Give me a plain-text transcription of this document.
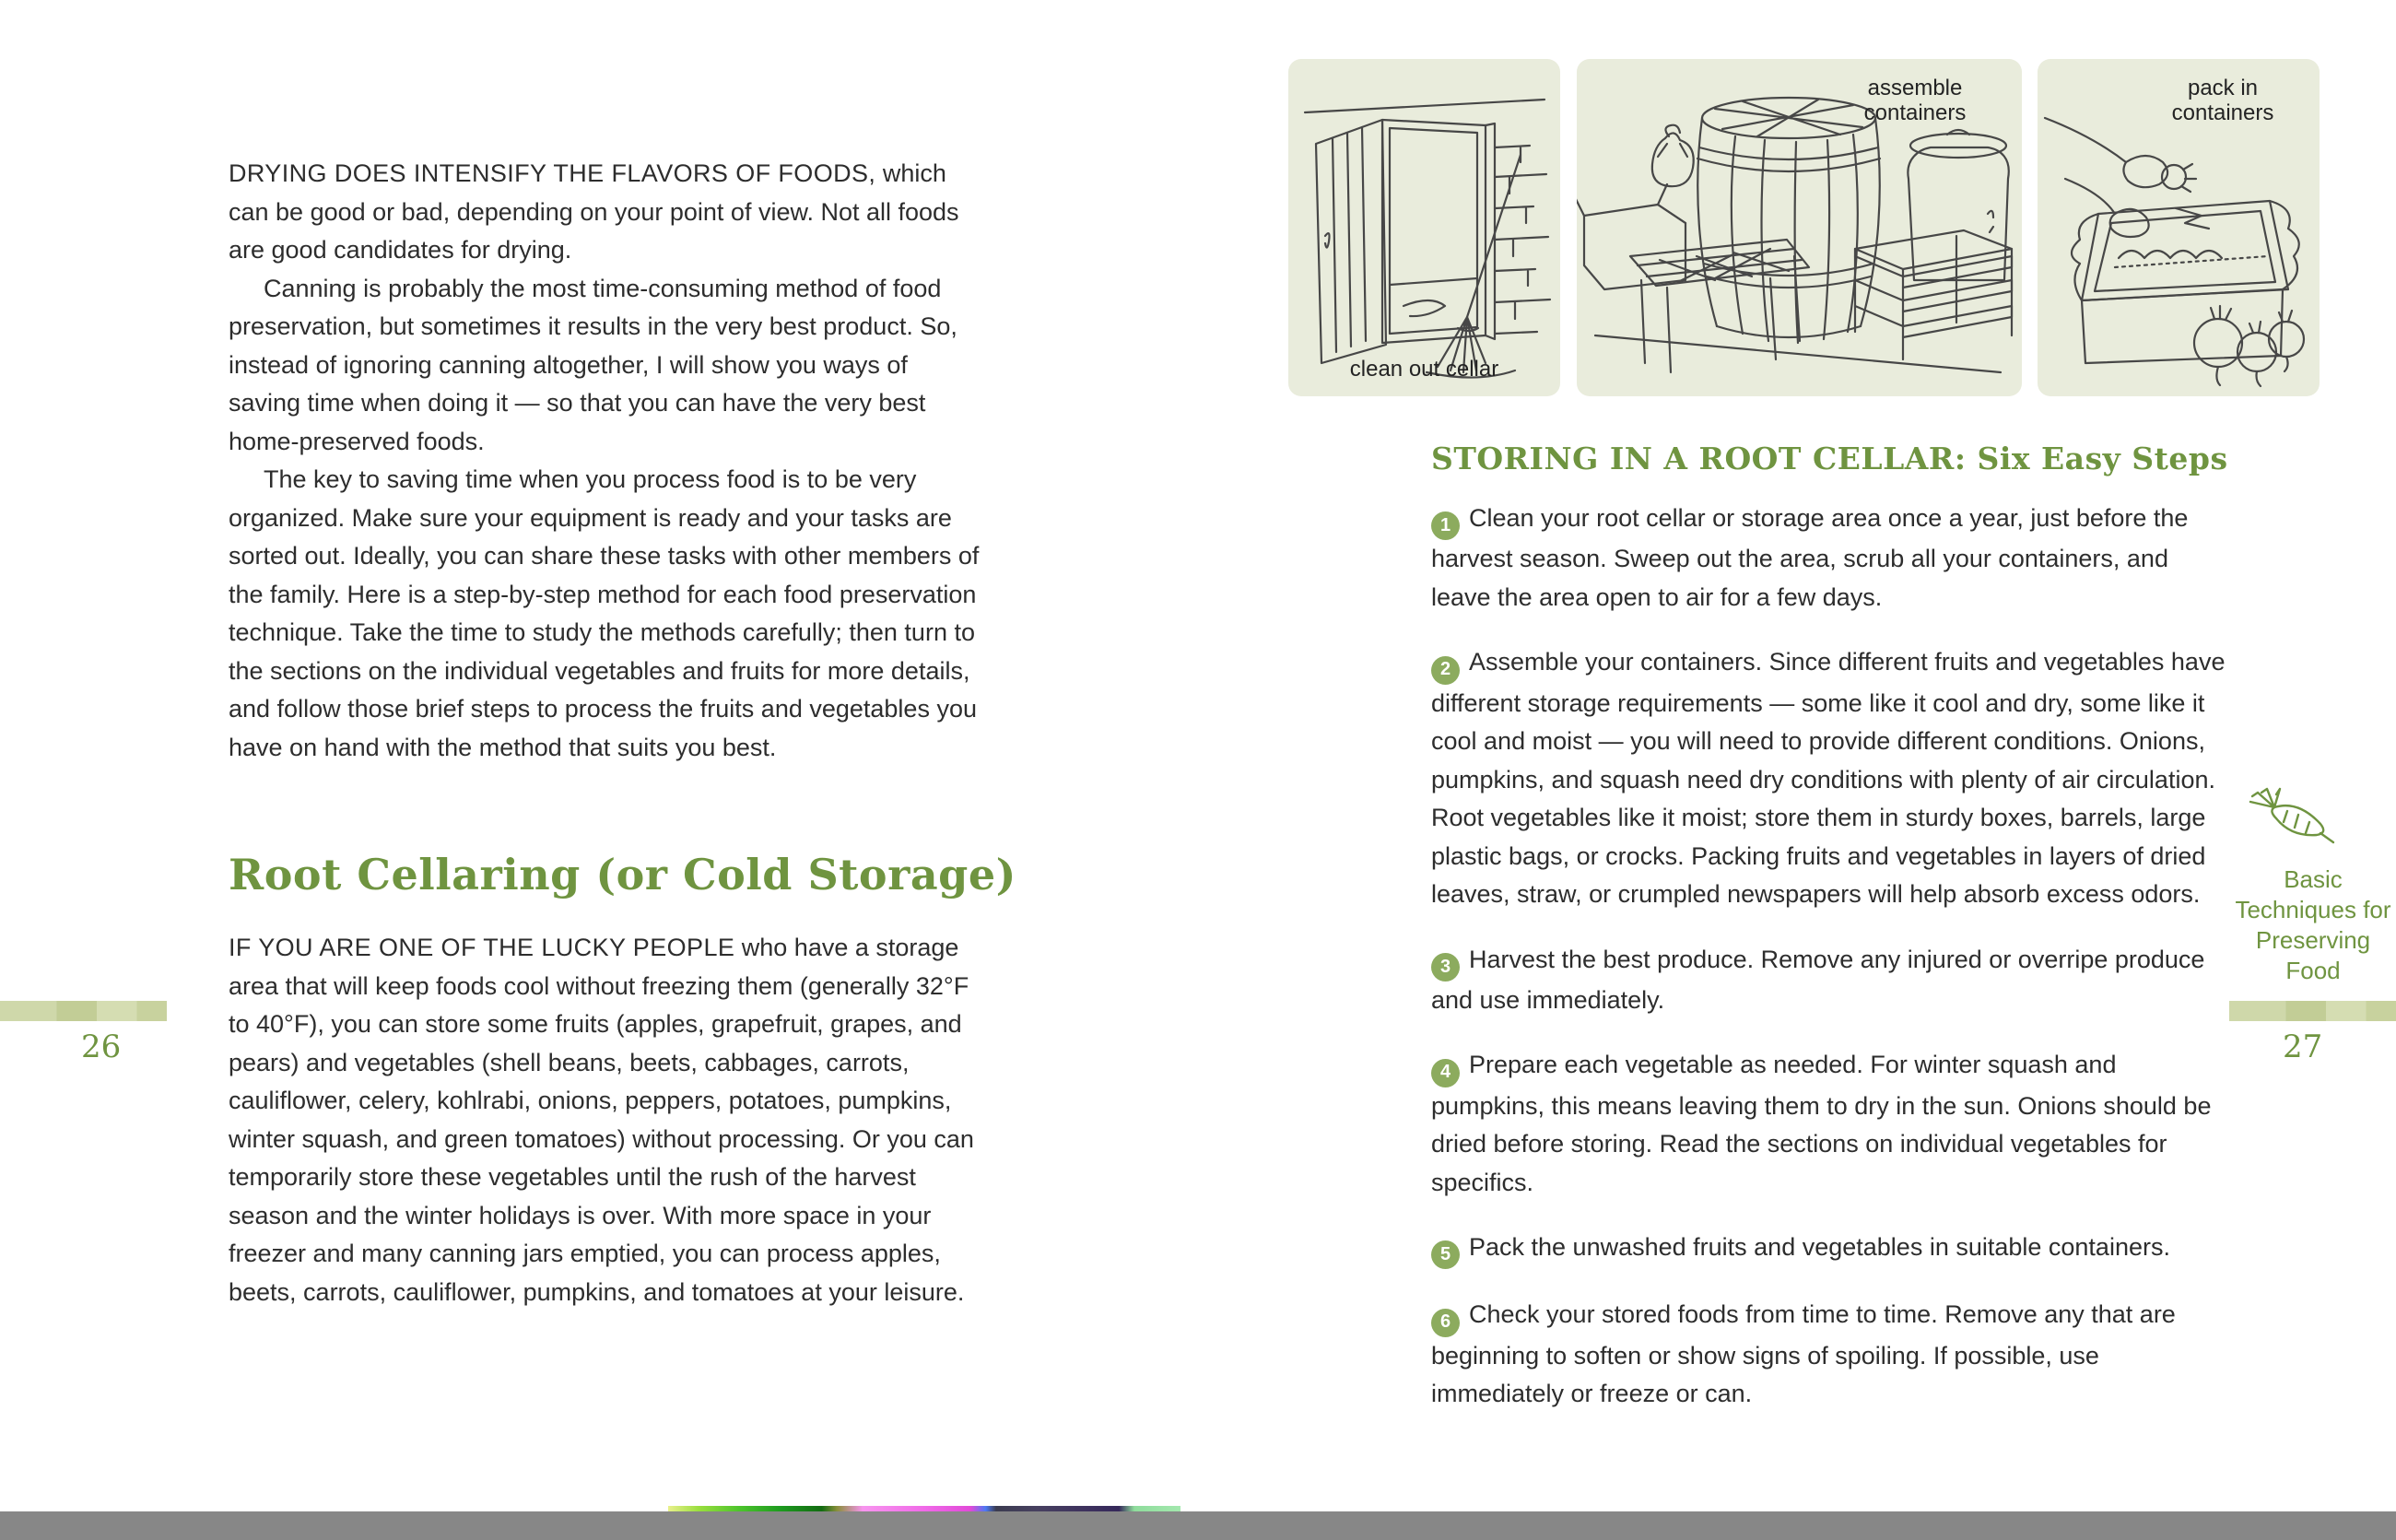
DRYING DOES INTENSIFY THE FLAVORS OF FOODS, which can be good or bad, depending on your point of view. Not all foods are good candidates for drying.

Canning is probably the most time-consuming method of food preservation, but sometimes it results in the very best product. So, instead of ignoring canning altogether, I will show you ways of saving time when doing it — so that you can have the very best home-preserved foods.

The key to saving time when you process food is to be very organized. Make sure your equipment is ready and your tasks are sorted out. Ideally, you can share these tasks with other members of the family. Here is a step-by-step method for each food preservation technique. Take the time to study the methods carefully; then turn to the sections on the individual vegetables and fruits for more details, and follow those brief steps to process the fruits and vegetables you have on hand with the method that suits you best.

Root Cellaring (or Cold Storage)

IF YOU ARE ONE OF THE LUCKY PEOPLE who have a storage area that will keep foods cool without freezing them (generally 32°F to 40°F), you can store some fruits (apples, grapefruit, grapes, and pears) and vegetables (shell beans, beets, cabbages, carrots, cauliflower, celery, kohlrabi, onions, peppers, potatoes, pumpkins, winter squash, and green tomatoes) without processing. Or you can temporarily store these vegetables until the rush of the harvest season and the winter holidays is over. With more space in your freezer and many canning jars emptied, you can process apples, beets, carrots, cauliflower, pumpkins, and tomatoes at your leisure.

26
clean out cellar
assemble containers
pack in containers
STORING IN A ROOT CELLAR: Six Easy Steps

1 Clean your root cellar or storage area once a year, just before the harvest season. Sweep out the area, scrub all your containers, and leave the area open to air for a few days.

2 Assemble your containers. Since different fruits and vegetables have different storage requirements — some like it cool and dry, some like it cool and moist — you will need to provide different conditions. Onions, pumpkins, and squash need dry conditions with plenty of air circulation. Root vegetables like it moist; store them in sturdy boxes, barrels, large plastic bags, or crocks. Packing fruits and vegetables in layers of dried leaves, straw, or crumpled newspapers will help absorb excess odors.

3 Harvest the best produce. Remove any injured or overripe produce and use immediately.

4 Prepare each vegetable as needed. For winter squash and pumpkins, this means leaving them to dry in the sun. Onions should be dried before storing. Read the sections on individual vegetables for specifics.

5 Pack the unwashed fruits and vegetables in suitable containers.

6 Check your stored foods from time to time. Remove any that are beginning to soften or show signs of spoiling. If possible, use immediately or freeze or can.

Basic Techniques for Preserving Food
27
